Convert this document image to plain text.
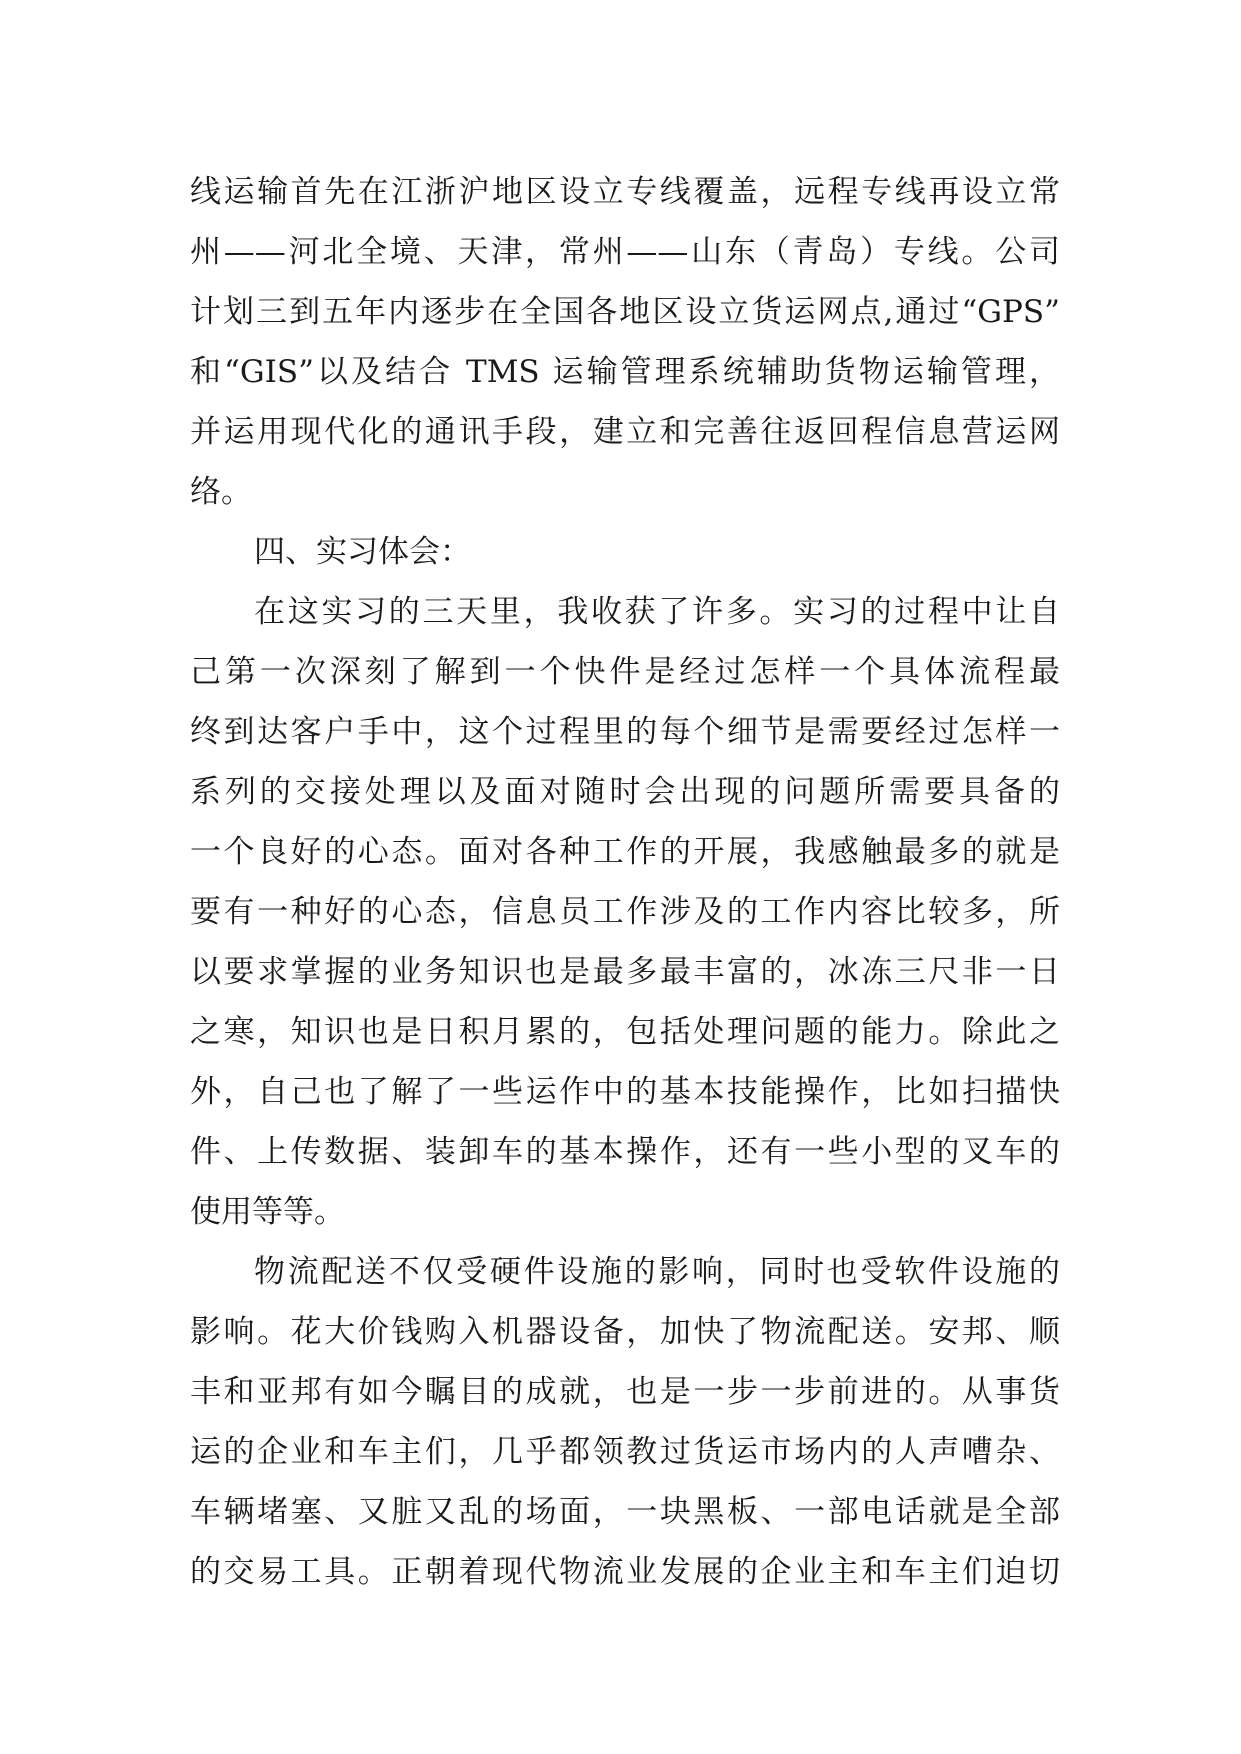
线运输首先在江浙沪地区设立专线覆盖，远程专线再设立常
州——河北全境、天津，常州——山东（青岛）专线。公司
计划三到五年内逐步在全国各地区设立货运网点,通过“GPS”
和“GIS”以及结合 TMS 运输管理系统辅助货物运输管理，
并运用现代化的通讯手段，建立和完善往返回程信息营运网
络。
四、实习体会：
在这实习的三天里，我收获了许多。实习的过程中让自
己第一次深刻了解到一个快件是经过怎样一个具体流程最
终到达客户手中，这个过程里的每个细节是需要经过怎样一
系列的交接处理以及面对随时会出现的问题所需要具备的
一个良好的心态。面对各种工作的开展，我感触最多的就是
要有一种好的心态，信息员工作涉及的工作内容比较多，所
以要求掌握的业务知识也是最多最丰富的，冰冻三尺非一日
之寒，知识也是日积月累的，包括处理问题的能力。除此之
外，自己也了解了一些运作中的基本技能操作，比如扫描快
件、上传数据、装卸车的基本操作，还有一些小型的叉车的
使用等等。
物流配送不仅受硬件设施的影响，同时也受软件设施的
影响。花大价钱购入机器设备，加快了物流配送。安邦、顺
丰和亚邦有如今瞩目的成就，也是一步一步前进的。从事货
运的企业和车主们，几乎都领教过货运市场内的人声嘈杂、
车辆堵塞、又脏又乱的场面，一块黑板、一部电话就是全部
的交易工具。正朝着现代物流业发展的企业主和车主们迫切
